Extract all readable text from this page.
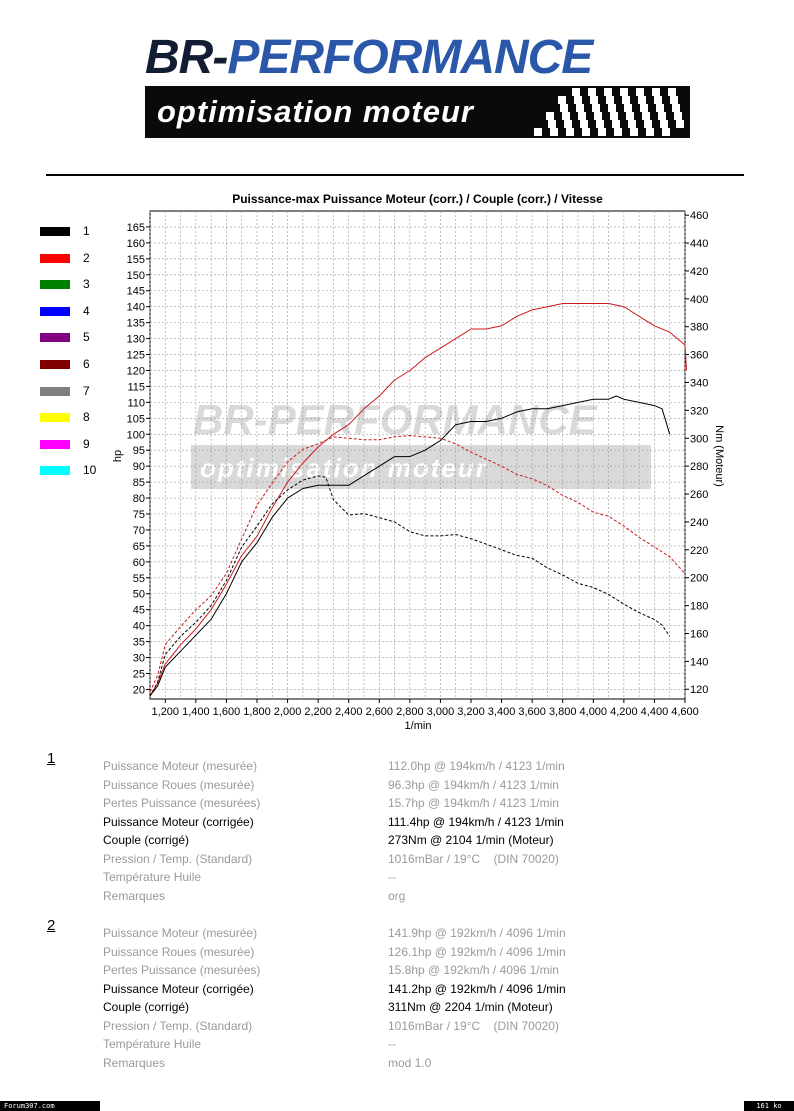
BR-PERFORMANCE
optimisation moteur
Puissance-max Puissance Moteur (corr.) / Couple (corr.) / Vitesse
1
2
3
4
5
6
7
8
9
10
BR-PERFORMANCE
optimisation moteur
20
25
30
35
40
45
50
55
60
65
70
75
80
85
90
95
100
105
110
115
120
125
130
135
140
145
150
155
160
165
120
140
160
180
200
220
240
260
280
300
320
340
360
380
400
420
440
460
1,200 1,400 1,600 1,800 2,000 2,200 2,400 2,600 2,800 3,000 3,200 3,400 3,600 3,800 4,000 4,200 4,400 4,600
1/min
hp	Nm (Moteur)
1	Puissance Moteur (mesurée)	112.0hp @ 194km/h / 4123 1/min
Puissance Roues (mesurée)	96.3hp @ 194km/h / 4123 1/min
Pertes Puissance (mesurées)	15.7hp @ 194km/h / 4123 1/min
Puissance Moteur (corrigée)	111.4hp @ 194km/h / 4123 1/min
Couple (corrigé)	273Nm @ 2104 1/min (Moteur)
Pression / Temp. (Standard)	1016mBar / 19°C    (DIN 70020)
Température Huile	--
Remarques	org
2	Puissance Moteur (mesurée)	141.9hp @ 192km/h / 4096 1/min
Puissance Roues (mesurée)	126.1hp @ 192km/h / 4096 1/min
Pertes Puissance (mesurées)	15.8hp @ 192km/h / 4096 1/min
Puissance Moteur (corrigée)	141.2hp @ 192km/h / 4096 1/min
Couple (corrigé)	311Nm @ 2204 1/min (Moteur)
Pression / Temp. (Standard)	1016mBar / 19°C    (DIN 70020)
Température Huile	--
Remarques	mod 1.0
Forum307.com	161 ko
